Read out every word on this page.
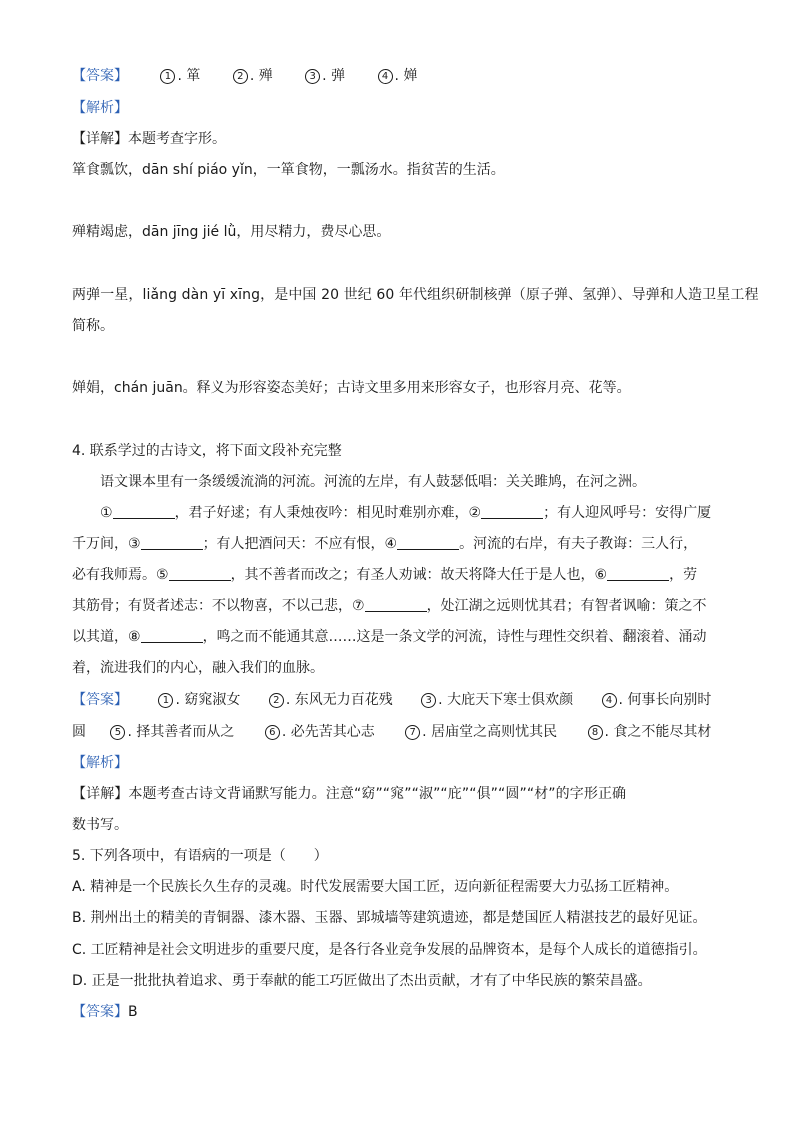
【答案】	1 . 箪	2 . 殚	3 . 弹	4 . 婵
【解析】
【详解】本题考查字形。
箪食瓢饮，dān shí piáo yǐn，一箪食物，一瓢汤水。指贫苦的生活。
殚精竭虑，dān jīng jié lǜ，用尽精力，费尽心思。
两弹一星，liǎng dàn yī xīng，是中国 20 世纪 60 年代组织研制核弹（原子弹、氢弹）、导弹和人造卫星工程
简称。
婵娟，chán juān。释义为形容姿态美好；古诗文里多用来形容女子，也形容月亮、花等。
4. 联系学过的古诗文，将下面文段补充完整
语文课本里有一条缓缓流淌的河流。河流的左岸，有人鼓瑟低唱：关关雎鸠，在河之洲。
①	，君子好逑；有人秉烛夜吟：相见时难别亦难，②	；有人迎风呼号：安得广厦
千万间，③	；有人把酒问天：不应有恨，④	。河流的右岸，有夫子教诲：三人行，
必有我师焉。⑤	，其不善者而改之；有圣人劝诫：故天将降大任于是人也，⑥	，劳
其筋骨；有贤者述志：不以物喜，不以己悲，⑦	，处江湖之远则忧其君；有智者讽喻：策之不
以其道，⑧	，鸣之而不能通其意……这是一条文学的河流，诗性与理性交织着、翻滚着、涌动
着，流进我们的内心，融入我们的血脉。
【答案】	1 . 窈窕淑女	2 . 东风无力百花残	3 . 大庇天下寒士俱欢颜	4 . 何事长向别时
圆	5 . 择其善者而从之	6 . 必先苦其心志	7 . 居庙堂之高则忧其民	8 . 食之不能尽其材
【解析】
【详解】本题考查古诗文背诵默写能力。注意“窈”“窕”“淑”“庇”“俱”“圆”“材”的字形正确
数书写。
5. 下列各项中，有语病的一项是（　　）
A. 精神是一个民族长久生存的灵魂。时代发展需要大国工匠，迈向新征程需要大力弘扬工匠精神。
B. 荆州出土的精美的青铜器、漆木器、玉器、郢城墙等建筑遗迹，都是楚国匠人精湛技艺的最好见证。
C. 工匠精神是社会文明进步的重要尺度，是各行各业竞争发展的品牌资本，是每个人成长的道德指引。
D. 正是一批批执着追求、勇于奉献的能工巧匠做出了杰出贡献，才有了中华民族的繁荣昌盛。
【答案】B
